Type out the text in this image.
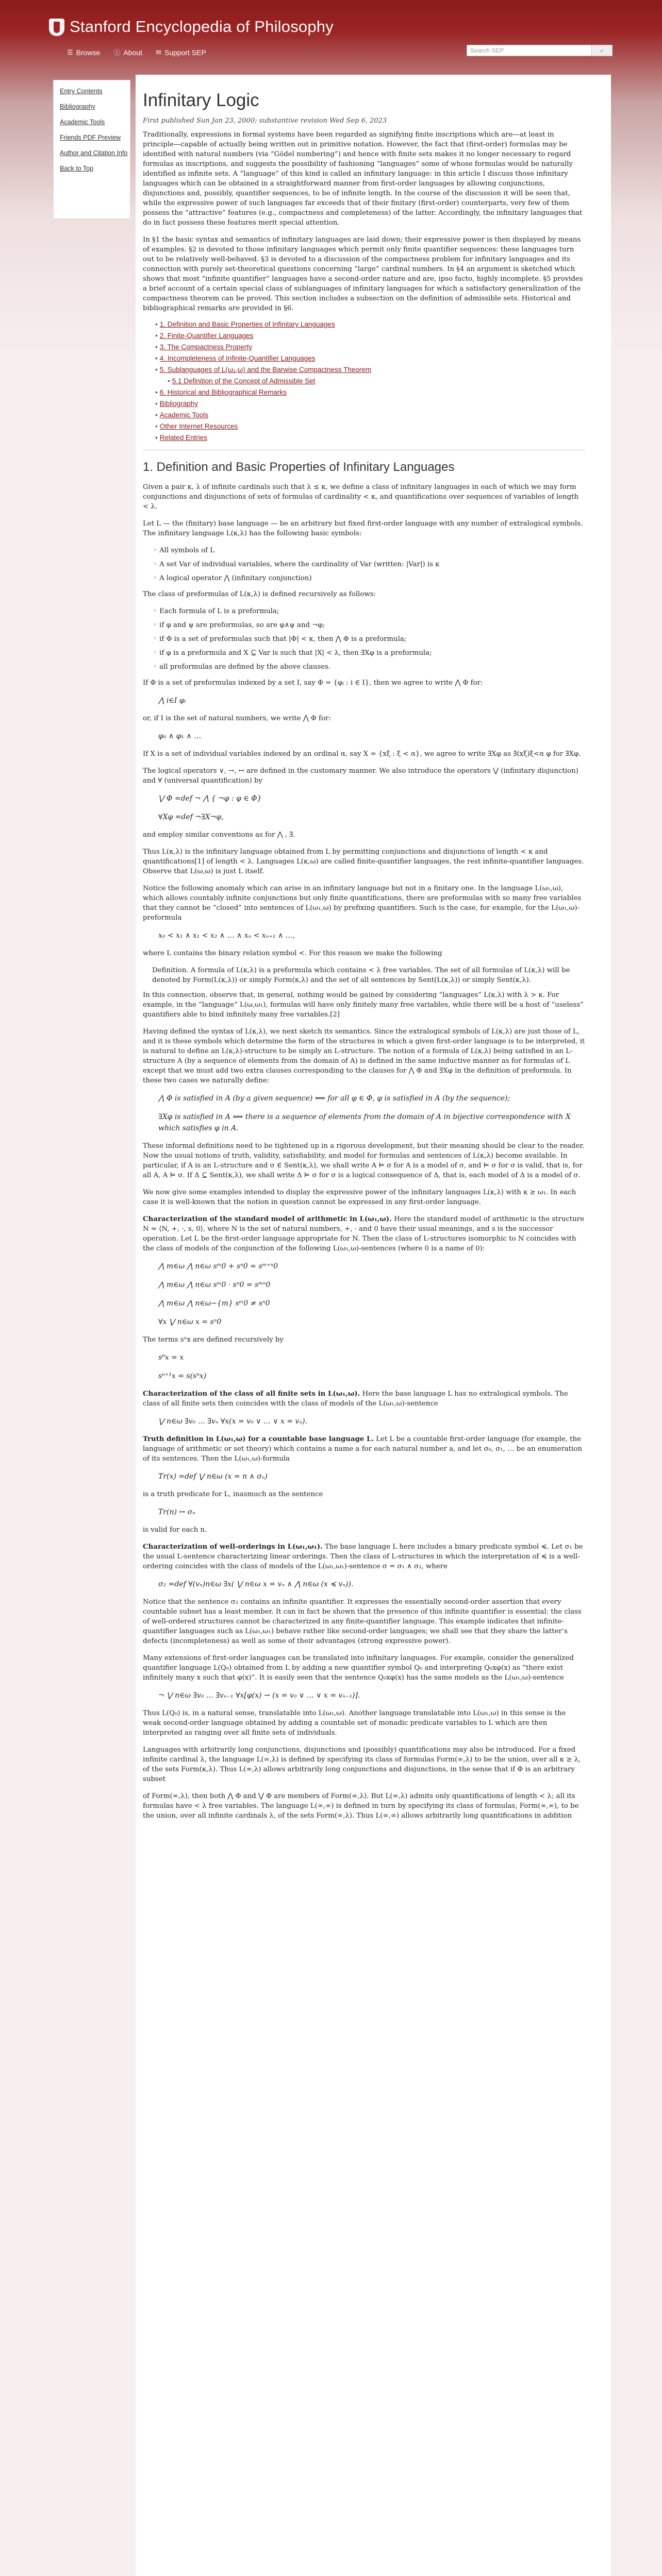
Stanford Encyclopedia of Philosophy
☰ Browse ⓘ About ✉ Support SEP	Search SEP	⌕
Entry Contents
Bibliography
Academic Tools
Friends PDF Preview
Author and Citation Info
Back to Top
Infinitary Logic
First published Sun Jan 23, 2000; substantive revision Wed Sep 6, 2023

Traditionally, expressions in formal systems have been regarded as signifying finite inscriptions which are—at least in principle—capable of actually being written out in primitive notation. However, the fact that (first-order) formulas may be identified with natural numbers (via “Gödel numbering”) and hence with finite sets makes it no longer necessary to regard formulas as inscriptions, and suggests the possibility of fashioning “languages” some of whose formulas would be naturally identified as infinite sets. A “language” of this kind is called an infinitary language: in this article I discuss those infinitary languages which can be obtained in a straightforward manner from first-order languages by allowing conjunctions, disjunctions and, possibly, quantifier sequences, to be of infinite length. In the course of the discussion it will be seen that, while the expressive power of such languages far exceeds that of their finitary (first-order) counterparts, very few of them possess the “attractive” features (e.g., compactness and completeness) of the latter. Accordingly, the infinitary languages that do in fact possess these features merit special attention.

In §1 the basic syntax and semantics of infinitary languages are laid down; their expressive power is then displayed by means of examples. §2 is devoted to those infinitary languages which permit only finite quantifier sequences: these languages turn out to be relatively well-behaved. §3 is devoted to a discussion of the compactness problem for infinitary languages and its connection with purely set-theoretical questions concerning “large” cardinal numbers. In §4 an argument is sketched which shows that most “infinite quantifier” languages have a second-order nature and are, ipso facto, highly incomplete. §5 provides a brief account of a certain special class of sublanguages of infinitary languages for which a satisfactory generalization of the compactness theorem can be proved. This section includes a subsection on the definition of admissible sets. Historical and bibliographical remarks are provided in §6.

• 1. Definition and Basic Properties of Infinitary Languages
• 2. Finite-Quantifier Languages
• 3. The Compactness Property
• 4. Incompleteness of Infinite-Quantifier Languages
• 5. Sublanguages of L(ω₁,ω) and the Barwise Compactness Theorem
• 5.1 Definition of the Concept of Admissible Set
• 6. Historical and Bibliographical Remarks
• Bibliography
• Academic Tools
• Other Internet Resources
• Related Entries
1. Definition and Basic Properties of Infinitary Languages

Given a pair κ, λ of infinite cardinals such that λ ≤ κ, we define a class of infinitary languages in each of which we may form conjunctions and disjunctions of sets of formulas of cardinality < κ, and quantifications over sequences of variables of length < λ.

Let L — the (finitary) base language — be an arbitrary but fixed first-order language with any number of extralogical symbols. The infinitary language L(κ,λ) has the following basic symbols:

◦ All symbols of L
◦ A set Var of individual variables, where the cardinality of Var (written: |Var|) is κ
◦ A logical operator ⋀ (infinitary conjunction)

The class of preformulas of L(κ,λ) is defined recursively as follows:

◦ Each formula of L is a preformula;
◦ if φ and ψ are preformulas, so are φ∧ψ and ¬φ;
◦ if Φ is a set of preformulas such that |Φ| < κ, then ⋀ Φ is a preformula;
◦ if φ is a preformula and X ⊆ Var is such that |X| < λ, then ∃Xφ is a preformula;
◦ all preformulas are defined by the above clauses.

If Φ is a set of preformulas indexed by a set I, say Φ = {φᵢ : i ∈ I}, then we agree to write ⋀ Φ for:

⋀ i∈I φᵢ

or, if I is the set of natural numbers, we write ⋀ Φ for:

φ₀ ∧ φ₁ ∧ …

If X is a set of individual variables indexed by an ordinal α, say X = {xξ : ξ < α}, we agree to write ∃Xφ as ∃(xξ)ξ<α φ for ∃Xφ.

The logical operators ∨, →, ↔ are defined in the customary manner. We also introduce the operators ⋁ (infinitary disjunction) and ∀ (universal quantification) by

⋁ Φ =def ¬ ⋀ { ¬φ : φ ∈ Φ}
∀Xφ =def ¬∃X¬φ,

and employ similar conventions as for ⋀ , ∃.

Thus L(κ,λ) is the infinitary language obtained from L by permitting conjunctions and disjunctions of length < κ and quantifications[1] of length < λ. Languages L(κ,ω) are called finite-quantifier languages, the rest infinite-quantifier languages. Observe that L(ω,ω) is just L itself.

Notice the following anomaly which can arise in an infinitary language but not in a finitary one. In the language L(ω₁,ω), which allows countably infinite conjunctions but only finite quantifications, there are preformulas with so many free variables that they cannot be “closed” into sentences of L(ω₁,ω) by prefixing quantifiers. Such is the case, for example, for the L(ω₁,ω)-preformula

x₀ < x₁ ∧ x₁ < x₂ ∧ … ∧ xₙ < xₙ₊₁ ∧ …,

where L contains the binary relation symbol <. For this reason we make the following

Definition. A formula of L(κ,λ) is a preformula which contains < λ free variables. The set of all formulas of L(κ,λ) will be denoted by Form(L(κ,λ)) or simply Form(κ,λ) and the set of all sentences by Sent(L(κ,λ)) or simply Sent(κ,λ).

In this connection, observe that, in general, nothing would be gained by considering “languages” L(κ,λ) with λ > κ. For example, in the “language” L(ω,ω₁), formulas will have only finitely many free variables, while there will be a host of “useless” quantifiers able to bind infinitely many free variables.[2]

Having defined the syntax of L(κ,λ), we next sketch its semantics. Since the extralogical symbols of L(κ,λ) are just those of L, and it is these symbols which determine the form of the structures in which a given first-order language is to be interpreted, it is natural to define an L(κ,λ)-structure to be simply an L-structure. The notion of a formula of L(κ,λ) being satisfied in an L-structure A (by a sequence of elements from the domain of A) is defined in the same inductive manner as for formulas of L except that we must add two extra clauses corresponding to the clauses for ⋀ Φ and ∃Xφ in the definition of preformula. In these two cases we naturally define:

⋀ Φ is satisfied in A (by a given sequence) ⟺ for all φ ∈ Φ, φ is satisfied in A (by the sequence);
∃Xφ is satisfied in A ⟺ there is a sequence of elements from the domain of A in bijective correspondence with X which satisfies φ in A.

These informal definitions need to be tightened up in a rigorous development, but their meaning should be clear to the reader. Now the usual notions of truth, validity, satisfiability, and model for formulas and sentences of L(κ,λ) become available. In particular, if A is an L-structure and σ ∈ Sent(κ,λ), we shall write A ⊨ σ for A is a model of σ, and ⊨ σ for σ is valid, that is, for all A, A ⊨ σ. If Δ ⊆ Sent(κ,λ), we shall write Δ ⊨ σ for σ is a logical consequence of Δ, that is, each model of Δ is a model of σ.

We now give some examples intended to display the expressive power of the infinitary languages L(κ,λ) with κ ≥ ω₁. In each case it is well-known that the notion in question cannot be expressed in any first-order language.

Characterization of the standard model of arithmetic in L(ω₁,ω). Here the standard model of arithmetic is the structure N = ⟨N, +, ·, s, 0⟩, where N is the set of natural numbers, +, · and 0 have their usual meanings, and s is the successor operation. Let L be the first-order language appropriate for N. Then the class of L-structures isomorphic to N coincides with the class of models of the conjunction of the following L(ω₁,ω)-sentences (where 0 is a name of 0):

⋀ m∈ω ⋀ n∈ω sᵐ0 + sⁿ0 = sᵐ⁺ⁿ0
⋀ m∈ω ⋀ n∈ω sᵐ0 · sⁿ0 = sᵐⁿ0
⋀ m∈ω ⋀ n∈ω−{m} sᵐ0 ≠ sⁿ0
∀x ⋁ n∈ω x = sⁿ0

The terms sⁿx are defined recursively by

s⁰x = x
sⁿ⁺¹x = s(sⁿx)

Characterization of the class of all finite sets in L(ω₁,ω). Here the base language L has no extralogical symbols. The class of all finite sets then coincides with the class of models of the L(ω₁,ω)-sentence

⋁ n∈ω ∃v₀ … ∃vₙ ∀x(x = v₀ ∨ … ∨ x = vₙ).

Truth definition in L(ω₁,ω) for a countable base language L. Let L be a countable first-order language (for example, the language of arithmetic or set theory) which contains a name a for each natural number a, and let σ₀, σ₁, … be an enumeration of its sentences. Then the L(ω₁,ω)-formula

Tr(x) =def ⋁ n∈ω (x = n ∧ σₙ)

is a truth predicate for L, inasmuch as the sentence

Tr(n) ↔ σₙ

is valid for each n.

Characterization of well-orderings in L(ω₁,ω₁). The base language L here includes a binary predicate symbol ≼. Let σ₁ be the usual L-sentence characterizing linear orderings. Then the class of L-structures in which the interpretation of ≼ is a well-ordering coincides with the class of models of the L(ω₁,ω₁)-sentence σ = σ₁ ∧ σ₂, where

σ₂ =def ∀(vₙ)n∈ω ∃x( ⋁ n∈ω x = vₙ ∧ ⋀ n∈ω (x ≼ vₙ)).

Notice that the sentence σ₂ contains an infinite quantifier. It expresses the essentially second-order assertion that every countable subset has a least member. It can in fact be shown that the presence of this infinite quantifier is essential: the class of well-ordered structures cannot be characterized in any finite-quantifier language. This example indicates that infinite-quantifier languages such as L(ω₁,ω₁) behave rather like second-order languages; we shall see that they share the latter’s defects (incompleteness) as well as some of their advantages (strong expressive power).

Many extensions of first-order languages can be translated into infinitary languages. For example, consider the generalized quantifier language L(Q₀) obtained from L by adding a new quantifier symbol Q₀ and interpreting Q₀xφ(x) as “there exist infinitely many x such that φ(x)”. It is easily seen that the sentence Q₀xφ(x) has the same models as the L(ω₁,ω)-sentence

¬ ⋁ n∈ω ∃v₀ … ∃vₙ₋₁ ∀x[φ(x) → (x = v₀ ∨ … ∨ x = vₙ₋₁)].

Thus L(Q₀) is, in a natural sense, translatable into L(ω₁,ω). Another language translatable into L(ω₁,ω) in this sense is the weak second-order language obtained by adding a countable set of monadic predicate variables to L which are then interpreted as ranging over all finite sets of individuals.

Languages with arbitrarily long conjunctions, disjunctions and (possibly) quantifications may also be introduced. For a fixed infinite cardinal λ, the language L(∞,λ) is defined by specifying its class of formulas Form(∞,λ) to be the union, over all κ ≥ λ, of the sets Form(κ,λ). Thus L(∞,λ) allows arbitrarily long conjunctions and disjunctions, in the sense that if Φ is an arbitrary subset

of Form(∞,λ), then both ⋀ Φ and ⋁ Φ are members of Form(∞,λ). But L(∞,λ) admits only quantifications of length < λ; all its formulas have < λ free variables. The language L(∞,∞) is defined in turn by specifying its class of formulas, Form(∞,∞), to be the union, over all infinite cardinals λ, of the sets Form(∞,λ). Thus L(∞,∞) allows arbitrarily long quantifications in addition
